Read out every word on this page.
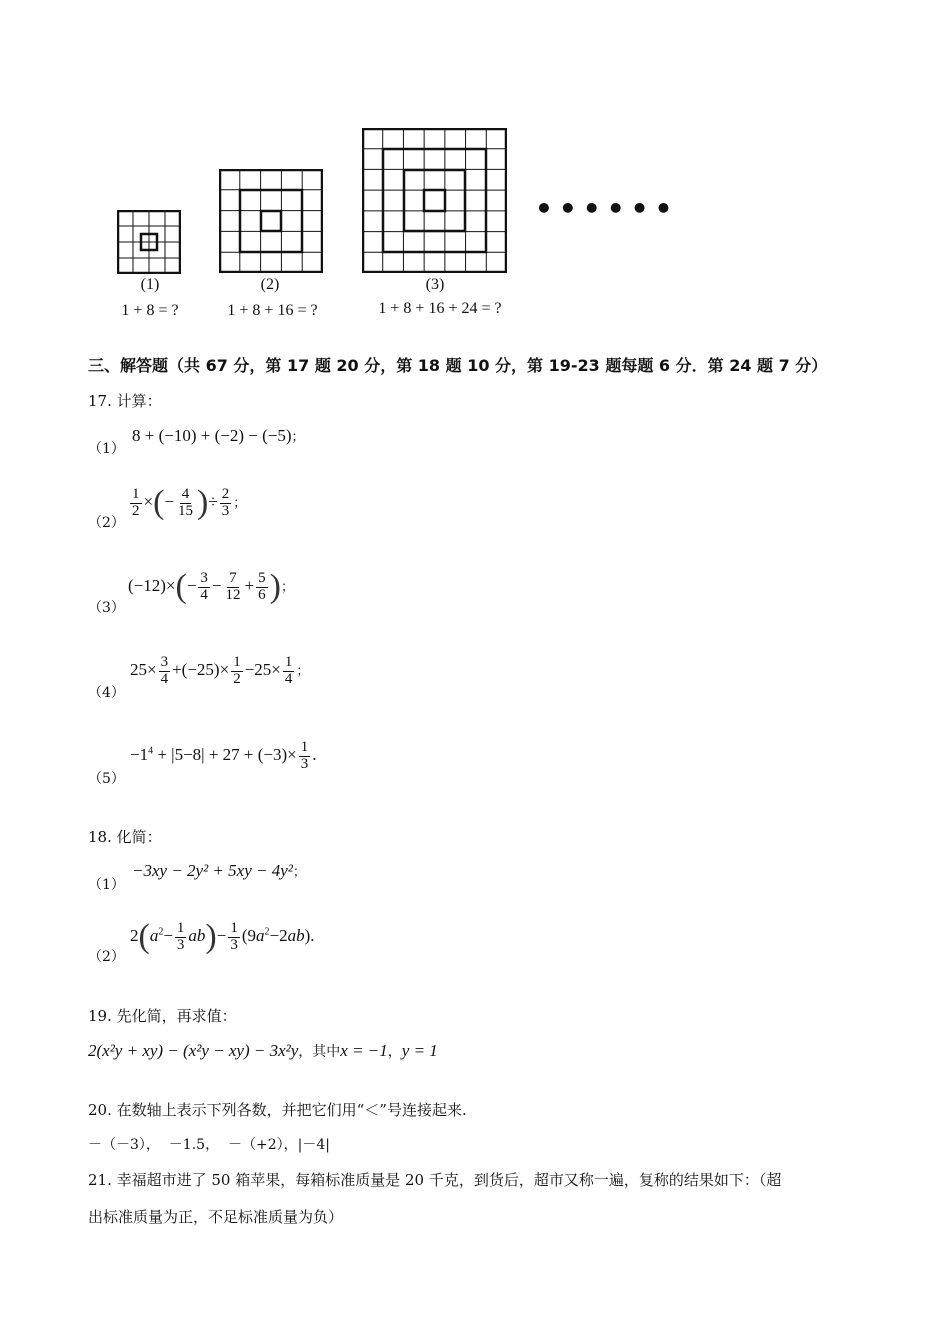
••••••
(1)
1 + 8 = ?
(2)
1 + 8 + 16 = ?
(3)
1 + 8 + 16 + 24 = ?
三、解答题（共 67 分，第 17 题 20 分，第 18 题 10 分，第 19-23 题每题 6 分．第 24 题 7 分）
17. 计算：
（1）
8 + (−10) + (−2) − (−5)；
（2）
$\frac{1}{2}$ ×(− $\frac{4}{15}$ )÷ $\frac{2}{3}$ ；
（3）
$(-12)\times(- \frac{3}{4} - \frac{7}{12} + \frac{5}{6}$ )；
（4）
$25\times \frac{3}{4} +(-25)\times \frac{1}{2} -25\times \frac{1}{4}$ ；
（5）
$-1^4 + |5-8| + 27 + (-3)\times \frac{1}{3}$ .
18. 化简：
（1）
−3xy − 2y² + 5xy − 4y²；
（2）
$2(a^2- \frac{1}{3} ab)- \frac{1}{3} (9a^2-2ab)$.
19. 先化简，再求值：
2(x²y + xy) − (x²y − xy) − 3x²y，其中x = −1，y = 1
20. 在数轴上表示下列各数，并把它们用“＜”号连接起来.
－（－3），  －1.5，  －（+2），|－4|
21. 幸福超市进了 50 箱苹果，每箱标准质量是 20 千克，到货后，超市又称一遍，复称的结果如下：（超
出标准质量为正，不足标准质量为负）
